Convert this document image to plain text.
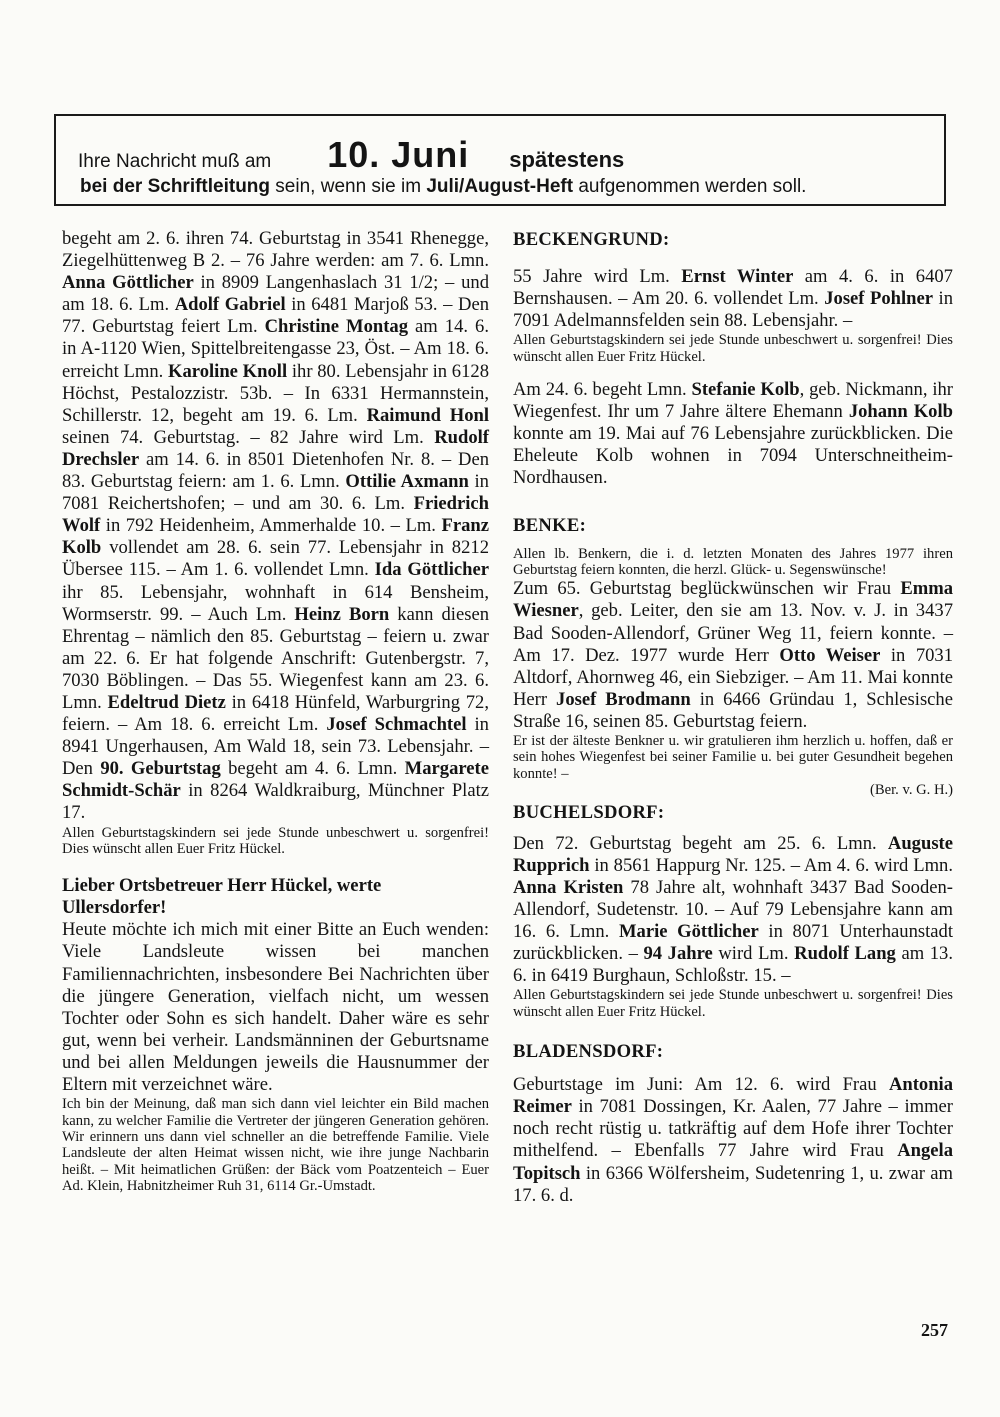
Ihre Nachricht muß am 10. Juni spätestens
bei der Schriftleitung sein, wenn sie im Juli/August-Heft aufgenommen werden soll.

begeht am 2. 6. ihren 74. Geburtstag in 3541 Rhenegge, Ziegelhüttenweg B 2. – 76 Jahre werden: am 7. 6. Lmn. Anna Göttlicher in 8909 Langenhaslach 31 1/2; – und am 18. 6. Lm. Adolf Gabriel in 6481 Marjoß 53. – Den 77. Geburtstag feiert Lm. Christine Montag am 14. 6. in A-1120 Wien, Spittelbreitengasse 23, Öst. – Am 18. 6. erreicht Lmn. Karoline Knoll ihr 80. Lebensjahr in 6128 Höchst, Pestalozzistr. 53b. – In 6331 Hermannstein, Schillerstr. 12, begeht am 19. 6. Lm. Raimund Honl seinen 74. Geburtstag. – 82 Jahre wird Lm. Rudolf Drechsler am 14. 6. in 8501 Dietenhofen Nr. 8. – Den 83. Geburtstag feiern: am 1. 6. Lmn. Ottilie Axmann in 7081 Reichertshofen; – und am 30. 6. Lm. Friedrich Wolf in 792 Heidenheim, Ammerhalde 10. – Lm. Franz Kolb vollendet am 28. 6. sein 77. Lebensjahr in 8212 Übersee 115. – Am 1. 6. vollendet Lmn. Ida Göttlicher ihr 85. Lebensjahr, wohnhaft in 614 Bensheim, Wormserstr. 99. – Auch Lm. Heinz Born kann diesen Ehrentag – nämlich den 85. Geburtstag – feiern u. zwar am 22. 6. Er hat folgende Anschrift: Gutenbergstr. 7, 7030 Böblingen. – Das 55. Wiegenfest kann am 23. 6. Lmn. Edeltrud Dietz in 6418 Hünfeld, Warburgring 72, feiern. – Am 18. 6. erreicht Lm. Josef Schmachtel in 8941 Ungerhausen, Am Wald 18, sein 73. Lebensjahr. – Den 90. Geburtstag begeht am 4. 6. Lmn. Margarete Schmidt-Schär in 8264 Waldkraiburg, Münchner Platz 17.

Allen Geburtstagskindern sei jede Stunde unbeschwert u. sorgenfrei! Dies wünscht allen Euer Fritz Hückel.

Lieber Ortsbetreuer Herr Hückel, werte Ullersdorfer!

Heute möchte ich mich mit einer Bitte an Euch wenden: Viele Landsleute wissen bei manchen Familiennachrichten, insbesondere Bei Nachrichten über die jüngere Generation, vielfach nicht, um wessen Tochter oder Sohn es sich handelt. Daher wäre es sehr gut, wenn bei verheir. Landsmänninen der Geburtsname und bei allen Meldungen jeweils die Hausnummer der Eltern mit verzeichnet wäre.

Ich bin der Meinung, daß man sich dann viel leichter ein Bild machen kann, zu welcher Familie die Vertreter der jüngeren Generation gehören. Wir erinnern uns dann viel schneller an die betreffende Familie. Viele Landsleute der alten Heimat wissen nicht, wie ihre junge Nachbarin heißt. – Mit heimatlichen Grüßen: der Bäck vom Poatzenteich – Euer Ad. Klein, Habnitzheimer Ruh 31, 6114 Gr.-Umstadt.

BECKENGRUND:

55 Jahre wird Lm. Ernst Winter am 4. 6. in 6407 Bernshausen. – Am 20. 6. vollendet Lm. Josef Pohlner in 7091 Adelmannsfelden sein 88. Lebensjahr. –

Allen Geburtstagskindern sei jede Stunde unbeschwert u. sorgenfrei! Dies wünscht allen Euer Fritz Hückel.

Am 24. 6. begeht Lmn. Stefanie Kolb, geb. Nickmann, ihr Wiegenfest. Ihr um 7 Jahre ältere Ehemann Johann Kolb konnte am 19. Mai auf 76 Lebensjahre zurückblicken. Die Eheleute Kolb wohnen in 7094 Unterschneitheim-Nordhausen.

BENKE:

Allen lb. Benkern, die i. d. letzten Monaten des Jahres 1977 ihren Geburtstag feiern konnten, die herzl. Glück- u. Segenswünsche!

Zum 65. Geburtstag beglückwünschen wir Frau Emma Wiesner, geb. Leiter, den sie am 13. Nov. v. J. in 3437 Bad Sooden-Allendorf, Grüner Weg 11, feiern konnte. – Am 17. Dez. 1977 wurde Herr Otto Weiser in 7031 Altdorf, Ahornweg 46, ein Siebziger. – Am 11. Mai konnte Herr Josef Brodmann in 6466 Gründau 1, Schlesische Straße 16, seinen 85. Geburtstag feiern.

Er ist der älteste Benkner u. wir gratulieren ihm herzlich u. hoffen, daß er sein hohes Wiegenfest bei seiner Familie u. bei guter Gesundheit begehen konnte! –

(Ber. v. G. H.)

BUCHELSDORF:

Den 72. Geburtstag begeht am 25. 6. Lmn. Auguste Rupprich in 8561 Happurg Nr. 125. – Am 4. 6. wird Lmn. Anna Kristen 78 Jahre alt, wohnhaft 3437 Bad Sooden-Allendorf, Sudetenstr. 10. – Auf 79 Lebensjahre kann am 16. 6. Lmn. Marie Göttlicher in 8071 Unterhaunstadt zurückblicken. – 94 Jahre wird Lm. Rudolf Lang am 13. 6. in 6419 Burghaun, Schloßstr. 15. –

Allen Geburtstagskindern sei jede Stunde unbeschwert u. sorgenfrei! Dies wünscht allen Euer Fritz Hückel.

BLADENSDORF:

Geburtstage im Juni: Am 12. 6. wird Frau Antonia Reimer in 7081 Dossingen, Kr. Aalen, 77 Jahre – immer noch recht rüstig u. tatkräftig auf dem Hofe ihrer Tochter mithelfend. – Ebenfalls 77 Jahre wird Frau Angela Topitsch in 6366 Wölfersheim, Sudetenring 1, u. zwar am 17. 6. d.

257
